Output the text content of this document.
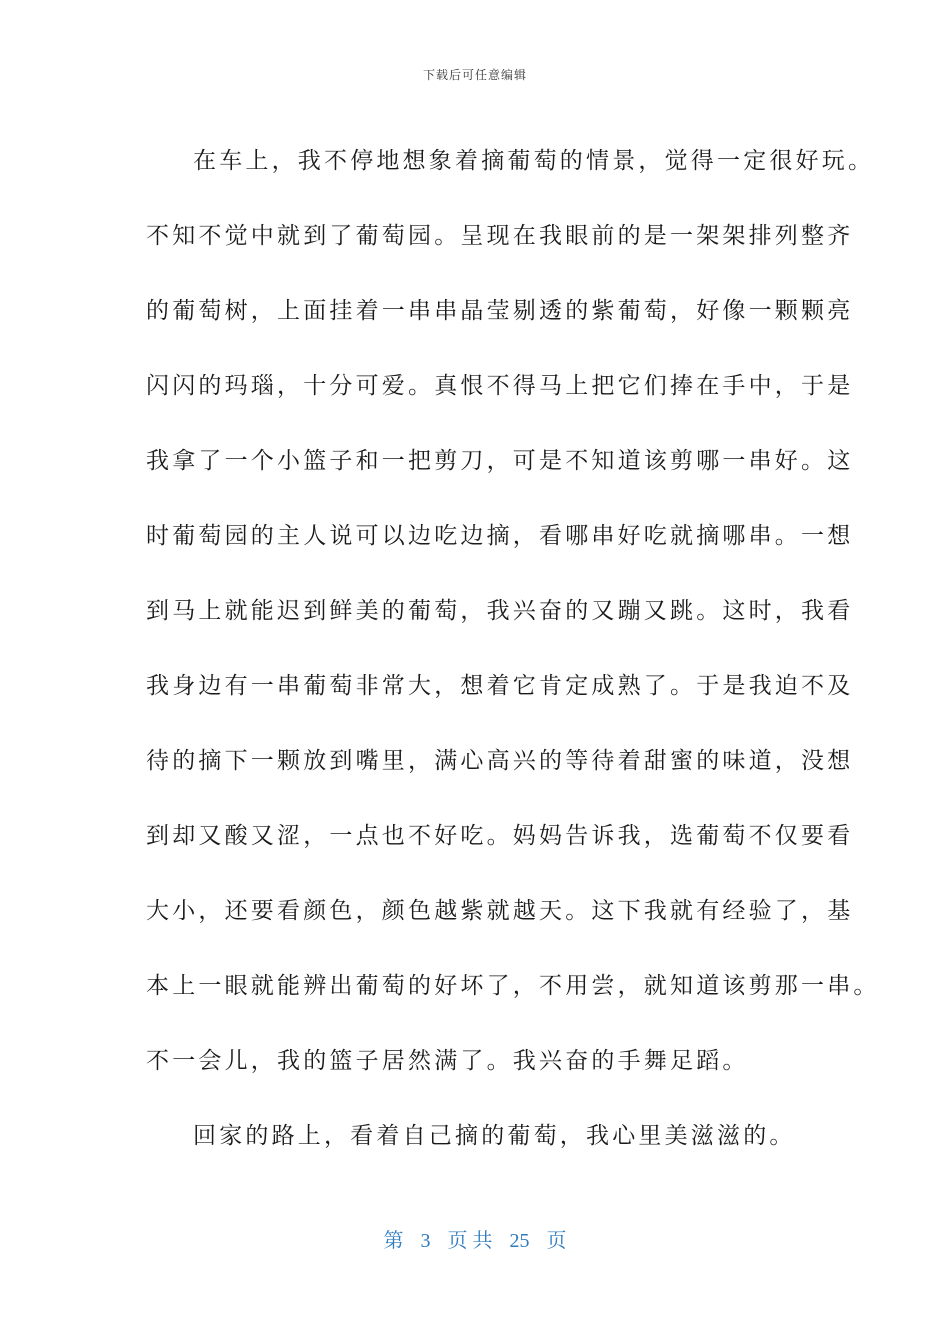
下载后可任意编辑
在车上，我不停地想象着摘葡萄的情景，觉得一定很好玩。
不知不觉中就到了葡萄园。呈现在我眼前的是一架架排列整齐
的葡萄树，上面挂着一串串晶莹剔透的紫葡萄，好像一颗颗亮
闪闪的玛瑙，十分可爱。真恨不得马上把它们捧在手中，于是
我拿了一个小篮子和一把剪刀，可是不知道该剪哪一串好。这
时葡萄园的主人说可以边吃边摘，看哪串好吃就摘哪串。一想
到马上就能迟到鲜美的葡萄，我兴奋的又蹦又跳。这时，我看
我身边有一串葡萄非常大，想着它肯定成熟了。于是我迫不及
待的摘下一颗放到嘴里，满心高兴的等待着甜蜜的味道，没想
到却又酸又涩，一点也不好吃。妈妈告诉我，选葡萄不仅要看
大小，还要看颜色，颜色越紫就越天。这下我就有经验了，基
本上一眼就能辨出葡萄的好坏了，不用尝，就知道该剪那一串。
不一会儿，我的篮子居然满了。我兴奋的手舞足蹈。
回家的路上，看着自己摘的葡萄，我心里美滋滋的。
第 3 页 共 25 页
